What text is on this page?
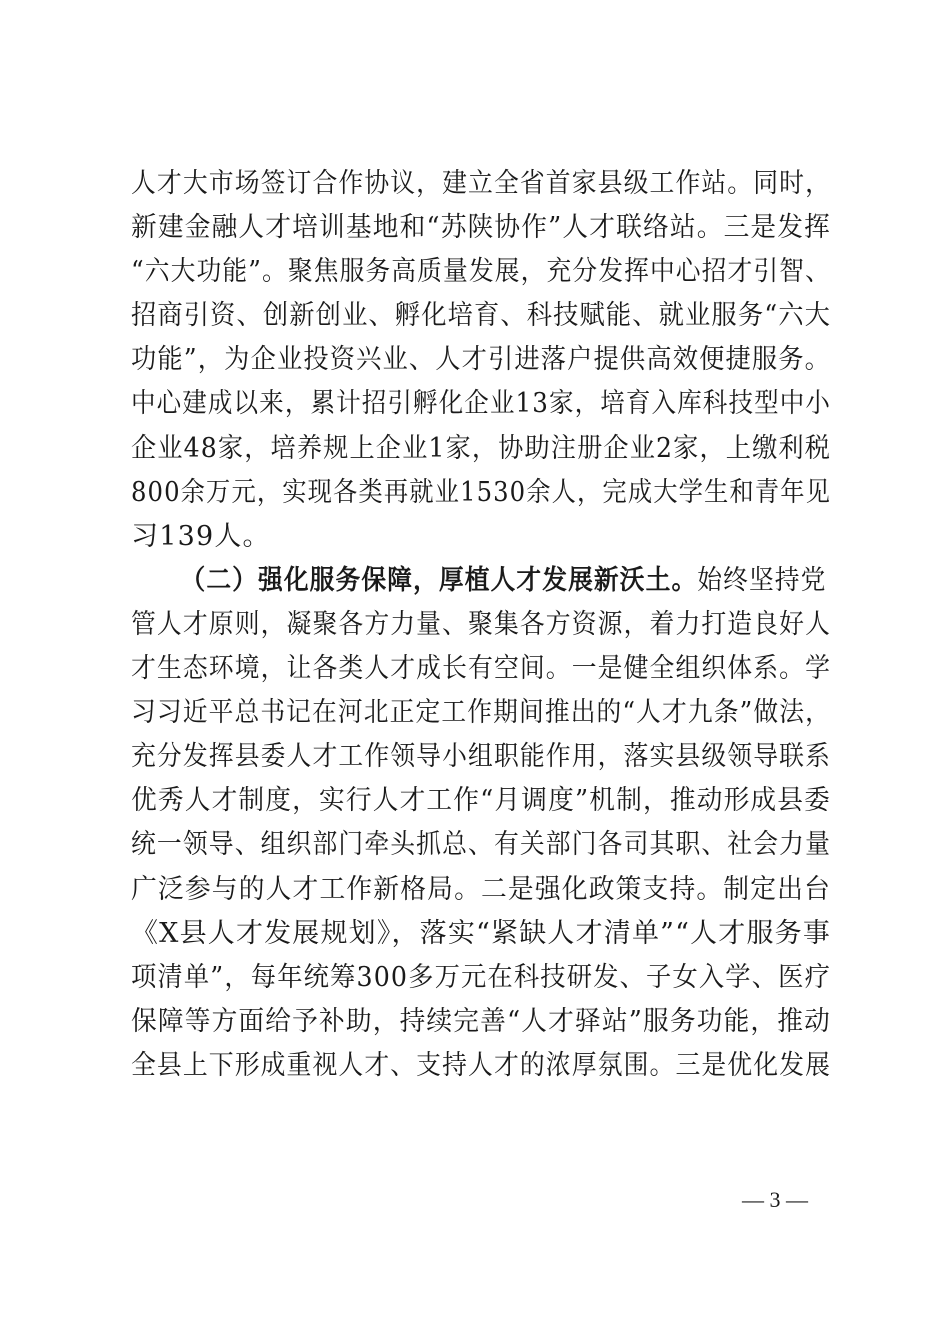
人才大市场签订合作协议，建立全省首家县级工作站。同时，
新建金融人才培训基地和“苏陕协作”人才联络站。三是发挥
“六大功能”。聚焦服务高质量发展，充分发挥中心招才引智、
招商引资、创新创业、孵化培育、科技赋能、就业服务“六大
功能”，为企业投资兴业、人才引进落户提供高效便捷服务。
中心建成以来，累计招引孵化企业13家，培育入库科技型中小
企业48家，培养规上企业1家，协助注册企业2家，上缴利税
800余万元，实现各类再就业1530余人，完成大学生和青年见
习139人。
（二）强化服务保障，厚植人才发展新沃土。始终坚持党
管人才原则，凝聚各方力量、聚集各方资源，着力打造良好人
才生态环境，让各类人才成长有空间。一是健全组织体系。学
习习近平总书记在河北正定工作期间推出的“人才九条”做法，
充分发挥县委人才工作领导小组职能作用，落实县级领导联系
优秀人才制度，实行人才工作“月调度”机制，推动形成县委
统一领导、组织部门牵头抓总、有关部门各司其职、社会力量
广泛参与的人才工作新格局。二是强化政策支持。制定出台
《X县人才发展规划》，落实“紧缺人才清单”“人才服务事
项清单”，每年统筹300多万元在科技研发、子女入学、医疗
保障等方面给予补助，持续完善“人才驿站”服务功能，推动
全县上下形成重视人才、支持人才的浓厚氛围。三是优化发展
— 3 —
